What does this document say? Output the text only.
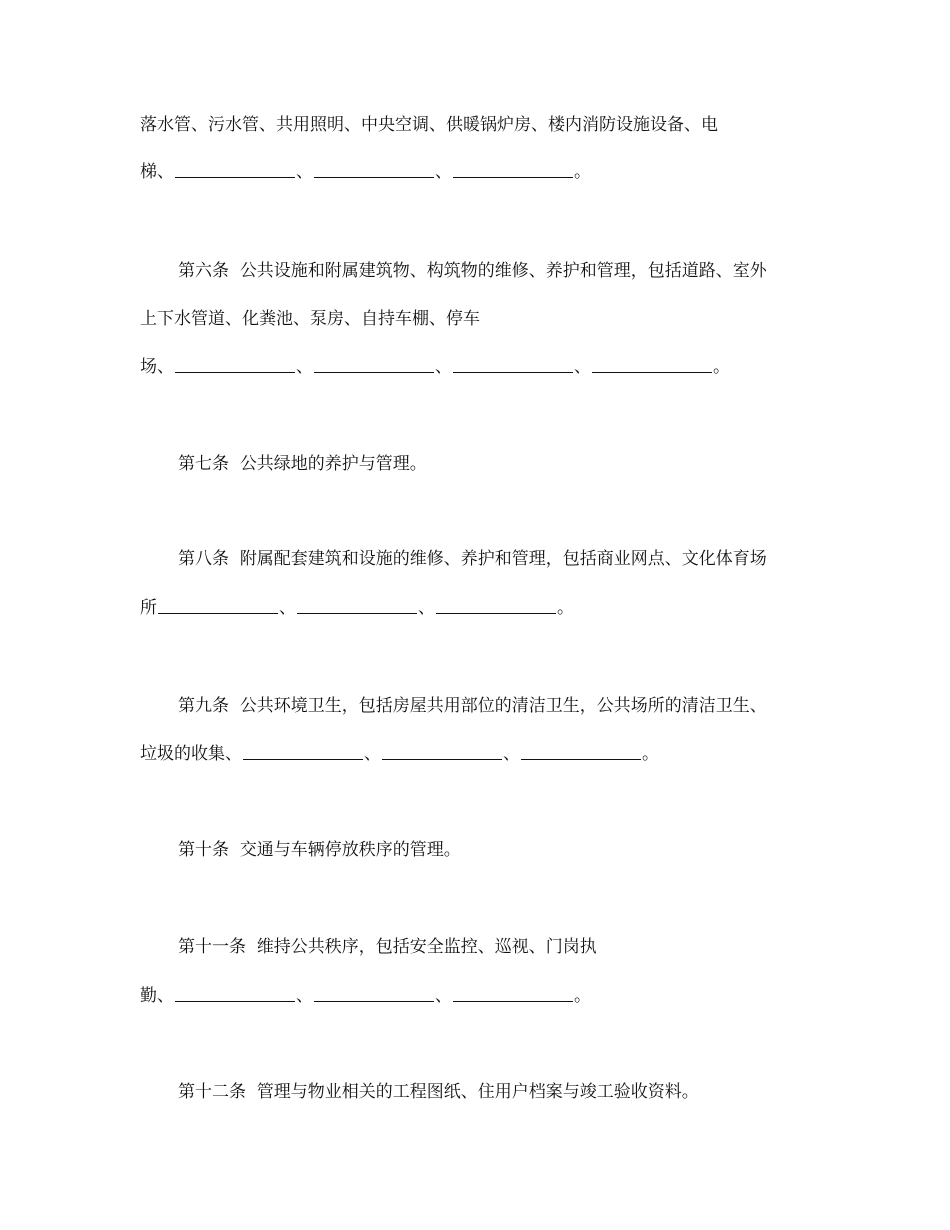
落水管、污水管、共用照明、中央空调、供暖锅炉房、楼内消防设施设备、电
梯、、、。
第六条 公共设施和附属建筑物、构筑物的维修、养护和管理，包括道路、室外
上下水管道、化粪池、泵房、自持车棚、停车
场、、、、。
第七条 公共绿地的养护与管理。
第八条 附属配套建筑和设施的维修、养护和管理，包括商业网点、文化体育场
所、、。
第九条 公共环境卫生，包括房屋共用部位的清洁卫生，公共场所的清洁卫生、
垃圾的收集、、、。
第十条 交通与车辆停放秩序的管理。
第十一条 维持公共秩序，包括安全监控、巡视、门岗执
勤、、、。
第十二条 管理与物业相关的工程图纸、住用户档案与竣工验收资料。
